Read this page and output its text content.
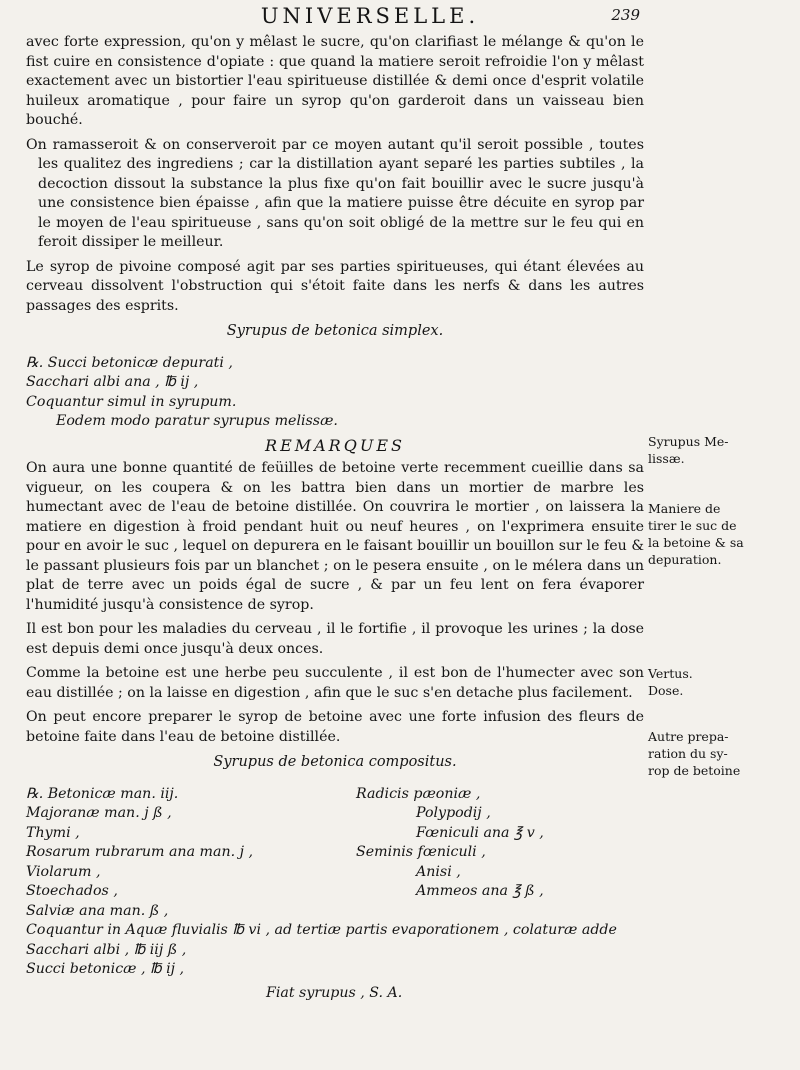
UNIVERSELLE.	239

avec forte expression, qu'on y mêlast le sucre, qu'on clarifiast le mélange & qu'on le fist cuire en consistence d'opiate : que quand la matiere seroit refroidie l'on y mêlast exactement avec un bistortier l'eau spiritueuse distillée & demi once d'esprit volatile huileux aromatique , pour faire un syrop qu'on garderoit dans un vaisseau bien bouché.

On ramasseroit & on conserveroit par ce moyen autant qu'il seroit possible , toutes les qualitez des ingrediens ; car la distillation ayant separé les parties subtiles , la decoction dissout la substance la plus fixe qu'on fait bouillir avec le sucre jusqu'à une consistence bien épaisse , afin que la matiere puisse être décuite en syrop par le moyen de l'eau spiritueuse , sans qu'on soit obligé de la mettre sur le feu qui en feroit dissiper le meilleur.

Le syrop de pivoine composé agit par ses parties spiritueuses, qui étant élevées au cerveau dissolvent l'obstruction qui s'étoit faite dans les nerfs & dans les autres passages des esprits.

Syrupus de betonica simplex.
℞. Succi betonicæ depurati ,
Sacchari albi ana , ℔ ij ,
Coquantur simul in syrupum.
Eodem modo paratur syrupus melissæ.
REMARQUES

On aura une bonne quantité de feüilles de betoine verte recemment cueillie dans sa vigueur, on les coupera & on les battra bien dans un mortier de marbre les humectant avec de l'eau de betoine distillée. On couvrira le mortier , on laissera la matiere en digestion à froid pendant huit ou neuf heures , on l'exprimera ensuite pour en avoir le suc , lequel on depurera en le faisant bouillir un bouillon sur le feu & le passant plusieurs fois par un blanchet ; on le pesera ensuite , on le mélera dans un plat de terre avec un poids égal de sucre , & par un feu lent on fera évaporer l'humidité jusqu'à consistence de syrop.

Il est bon pour les maladies du cerveau , il le fortifie , il provoque les urines ; la dose est depuis demi once jusqu'à deux onces.

Comme la betoine est une herbe peu succulente , il est bon de l'humecter avec son eau distillée ; on la laisse en digestion , afin que le suc s'en detache plus facilement.

On peut encore preparer le syrop de betoine avec une forte infusion des fleurs de betoine faite dans l'eau de betoine distillée.

Syrupus de betonica compositus.
℞. Betonicæ man. iij.	Radicis pæoniæ ,
Majoranæ man. j ß ,	Polypodij ,
Thymi ,	Fœniculi ana ℥ v ,
Rosarum rubrarum ana man. j ,	Seminis fœniculi ,
Violarum ,	Anisi ,
Stoechados ,	Ammeos ana ℥ ß ,
Salviæ ana man. ß ,
Coquantur in Aquæ fluvialis ℔ vi , ad tertiæ partis evaporationem , colaturæ adde
Sacchari albi , ℔ iij ß ,
Succi betonicæ , ℔ ij ,
Fiat syrupus , S. A.
Syrupus Me-
lissæ.
Maniere de
tirer le suc de
la betoine & sa
depuration.
Vertus.
Dose.
Autre prepa-
ration du sy-
rop de betoine
